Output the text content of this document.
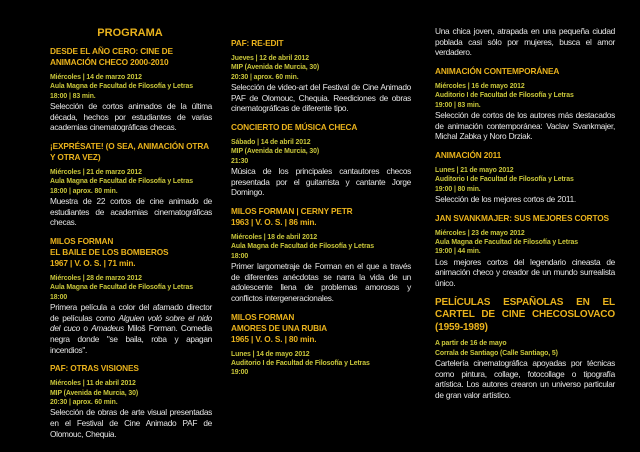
PROGRAMA
DESDE EL AÑO CERO: CINE DE ANIMACIÓN CHECO 2000-2010
Miércoles | 14 de marzo 2012
Aula Magna de Facultad de Filosofía y Letras
18:00 | 83 min.
Selección de cortos animados de la última década, hechos por estudiantes de varias academias cinematográficas checas.
¡EXPRÉSATE! (O SEA, ANIMACIÓN OTRA Y OTRA VEZ)
Miércoles | 21 de marzo 2012
Aula Magna de Facultad de Filosofía y Letras
18:00 | aprox. 80 min.
Muestra de 22 cortos de cine animado de estudiantes de academias cinematográficas checas.
MILOS FORMAN
EL BAILE DE LOS BOMBEROS
1967 | V. O. S. | 71 min.
Miércoles | 28 de marzo 2012
Aula Magna de Facultad de Filosofía y Letras
18:00
Primera película a color del afamado director de películas como Alguien voló sobre el nido del cuco o Amadeus Miloš Forman. Comedia negra donde "se baila, roba y apagan incendios".
PAF: OTRAS VISIONES
Miércoles | 11 de abril 2012
MIP (Avenida de Murcia, 30)
20:30 | aprox. 60 min.
Selección de obras de arte visual presentadas en el Festival de Cine Animado PAF de Olomouc, Chequia.
PAF: RE-EDIT
Jueves | 12 de abril 2012
MIP (Avenida de Murcia, 30)
20:30 | aprox. 60 min.
Selección de video-art del Festival de Cine Animado PAF de Olomouc, Chequia. Reediciones de obras cinematográficas de diferente tipo.
CONCIERTO DE MÚSICA CHECA
Sábado | 14 de abril 2012
MIP (Avenida de Murcia, 30)
21:30
Música de los principales cantautores checos presentada por el guitarrista y cantante Jorge Domingo.
MILOS FORMAN | CERNY PETR
1963 | V. O. S. | 86 min.
Miércoles | 18 de abril 2012
Aula Magna de Facultad de Filosofía y Letras
18:00
Primer largometraje de Forman en el que a través de diferentes anécdotas se narra la vida de un adolescente llena de problemas amorosos y conflictos intergeneracionales.
MILOS FORMAN
AMORES DE UNA RUBIA
1965 | V. O. S. | 80 min.
Lunes | 14 de mayo 2012
Auditorio I de Facultad de Filosofía y Letras
19:00
Una chica joven, atrapada en una pequeña ciudad poblada casi sólo por mujeres, busca el amor verdadero.
ANIMACIÓN CONTEMPORÁNEA
Miércoles | 16 de mayo 2012
Auditorio I de Facultad de Filosofía y Letras
19:00 | 83 min.
Selección de cortos de los autores más destacados de animación contemporánea: Vaclav Svankmajer, Michal Zabka y Noro Drziak.
ANIMACIÓN 2011
Lunes | 21 de mayo 2012
Auditorio I de Facultad de Filosofía y Letras
19:00 | 80 min.
Selección de los mejores cortos de 2011.
JAN SVANKMAJER: SUS MEJORES CORTOS
Miércoles | 23 de mayo 2012
Aula Magna de Facultad de Filosofía y Letras
19:00 | 44 min.
Los mejores cortos del legendario cineasta de animación checo y creador de un mundo surrealista único.
PELÍCULAS ESPAÑOLAS EN EL CARTEL DE CINE CHECOSLOVACO (1959-1989)
A partir de 16 de mayo
Corrala de Santiago (Calle Santiago, 5)
Cartelería cinematográfica apoyadas por técnicas como pintura, collage, fotocollage o tipografía artística. Los autores crearon un universo particular de gran valor artístico.
